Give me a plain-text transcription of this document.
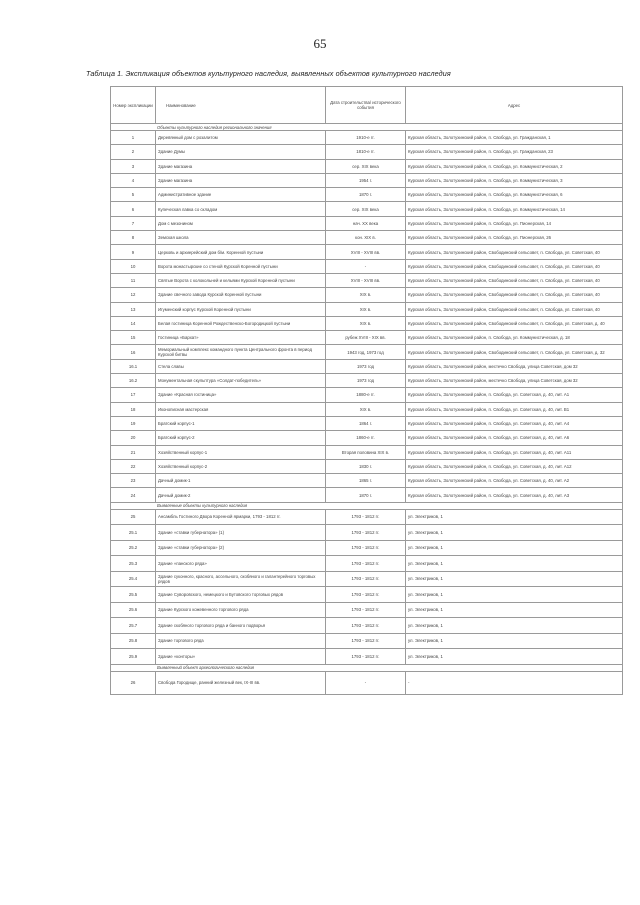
65
Таблица 1. Экспликация объектов культурного наследия, выявленных объектов культурного наследия
Номер экспликации	Наименование	Дата строительства/ исторического события	Адрес
Объекты культурного наследия регионального значения			
1	Деревянный дом с розалитом	1910-е гг.	Курская область, Золотухинский район, п. Свобода, ул. Гражданская, 1
2	Здание Думы	1810-е гг.	Курская область, Золотухинский район, п. Свобода, ул. Гражданская, 23
3	Здание магазина	сер. XIX века	Курская область, Золотухинский район, п. Свобода, ул. Коммунистическая, 2
4	Здание магазина	1954 г.	Курская область, Золотухинский район, п. Свобода, ул. Коммунистическая, 3
5	Административное здание	1870 г.	Курская область, Золотухинский район, п. Свобода, ул. Коммунистическая, 6
6	Купеческая лавка со складом	сер. XIX века	Курская область, Золотухинский район, п. Свобода, ул. Коммунистическая, 14
7	Дом с мезонином	нач. XX века	Курская область, Золотухинский район, п. Свобода, ул. Пионерская, 14
8	Земская школа	кон. XIX в.	Курская область, Золотухинский район, п. Свобода, ул. Пионерская, 26
9	Церковь и архиерейский дом б/м. Коренной пустыни	XVIII - XVIII вв.	Курская область, Золотухинский район, Свободинский сельсовет, п. Свобода, ул. Советская, 40
10	Ворота монастырские со стеной Курской Коренной пустыни	-	Курская область, Золотухинский район, Свободинский сельсовет, п. Свобода, ул. Советская, 40
11	Святые Ворота с колокольней и кельями Курской Коренной пустыни	XVIII - XVIII вв.	Курская область, Золотухинский район, Свободинский сельсовет, п. Свобода, ул. Советская, 40
12	Здание свечного завода Курской Коренной пустыни	XIX в.	Курская область, Золотухинский район, Свободинский сельсовет, п. Свобода, ул. Советская, 40
13	Игуменский корпус Курской Коренной пустыни	XIX в.	Курская область, Золотухинский район, Свободинский сельсовет, п. Свобода, ул. Советская, 40
14	Белая гостиница Коренной Рождественско-Богородицкой пустыни	XIX в.	Курская область, Золотухинский район, Свободинский сельсовет, п. Свобода, ул. Советская, д. 40
15	Гостиница «Бархат»	рубеж XVIII - XIX вв.	Курская область, Золотухинский район, п. Свобода, ул. Коммунистическая, д. 18
16	Мемориальный комплекс командного пункта Центрального фронта в период Курской битвы	1943 год, 1973 год	Курская область, Золотухинский район, Свободинский сельсовет, п. Свобода, ул. Советская, д. 32
16.1	Стела славы	1973 год	Курская область, Золотухинский район, местечко Свобода, улица Советская, дом 32
16.2	Монументальная скульптура «Солдат-победитель»	1973 год	Курская область, Золотухинский район, местечко Свобода, улица Советская, дом 32
17	Здание «Красная гостиница»	1880-е гг.	Курская область, Золотухинский район, п. Свобода, ул. Советская, д. 40, лит. А1
18	Иконописная мастерская	XIX в.	Курская область, Золотухинский район, п. Свобода, ул. Советская, д. 40, лит. В1
19	Братский корпус-1	1864 г.	Курская область, Золотухинский район, п. Свобода, ул. Советская, д. 40, лит. А4
20	Братский корпус-2	1860-е гг.	Курская область, Золотухинский район, п. Свобода, ул. Советская, д. 40, лит. А6
21	Хозяйственный корпус-1	Вторая половина XIX в.	Курская область, Золотухинский район, п. Свобода, ул. Советская, д. 40, лит. А11
22	Хозяйственный корпус-2	1830 г.	Курская область, Золотухинский район, п. Свобода, ул. Советская, д. 40, лит. А12
23	Дачный домик-1	1865 г.	Курская область, Золотухинский район, п. Свобода, ул. Советская, д. 40, лит. А2
24	Дачный домик-2	1870 г.	Курская область, Золотухинский район, п. Свобода, ул. Советская, д. 40, лит. А3
Выявленные объекты культурного наследия			
25	Ансамбль Гостиного Двора Коренной ярмарки, 1793 - 1812 гг.	1793 - 1812 гг.	ул. Электриков, 1
25.1	Здание «ставки губернатора» (1)	1793 - 1812 гг.	ул. Электриков, 1
25.2	Здание «ставки губернатора» (2)	1793 - 1812 гг.	ул. Электриков, 1
25.3	Здание «панского ряда»	1793 - 1812 гг.	ул. Электриков, 1
25.4	Здание суконного, красного, ассельного, скобяного и галантерейного торговых рядов	1793 - 1812 гг.	ул. Электриков, 1
25.5	Здание Суворовского, немецкого и Бутовского торговых рядов	1793 - 1812 гг.	ул. Электриков, 1
25.6	Здание Курского кожевенного торгового ряда	1793 - 1812 гг.	ул. Электриков, 1
25.7	Здание скобяного торгового ряда и банного подворья	1793 - 1812 гг.	ул. Электриков, 1
25.8	Здание торгового ряда	1793 - 1812 гг.	ул. Электриков, 1
25.9	Здание «конторы»	1793 - 1812 гг.	ул. Электриков, 1
Выявленный объект археологического наследия			
26	Свобода Городище, ранний железный век, IX-III вв.	-	-
